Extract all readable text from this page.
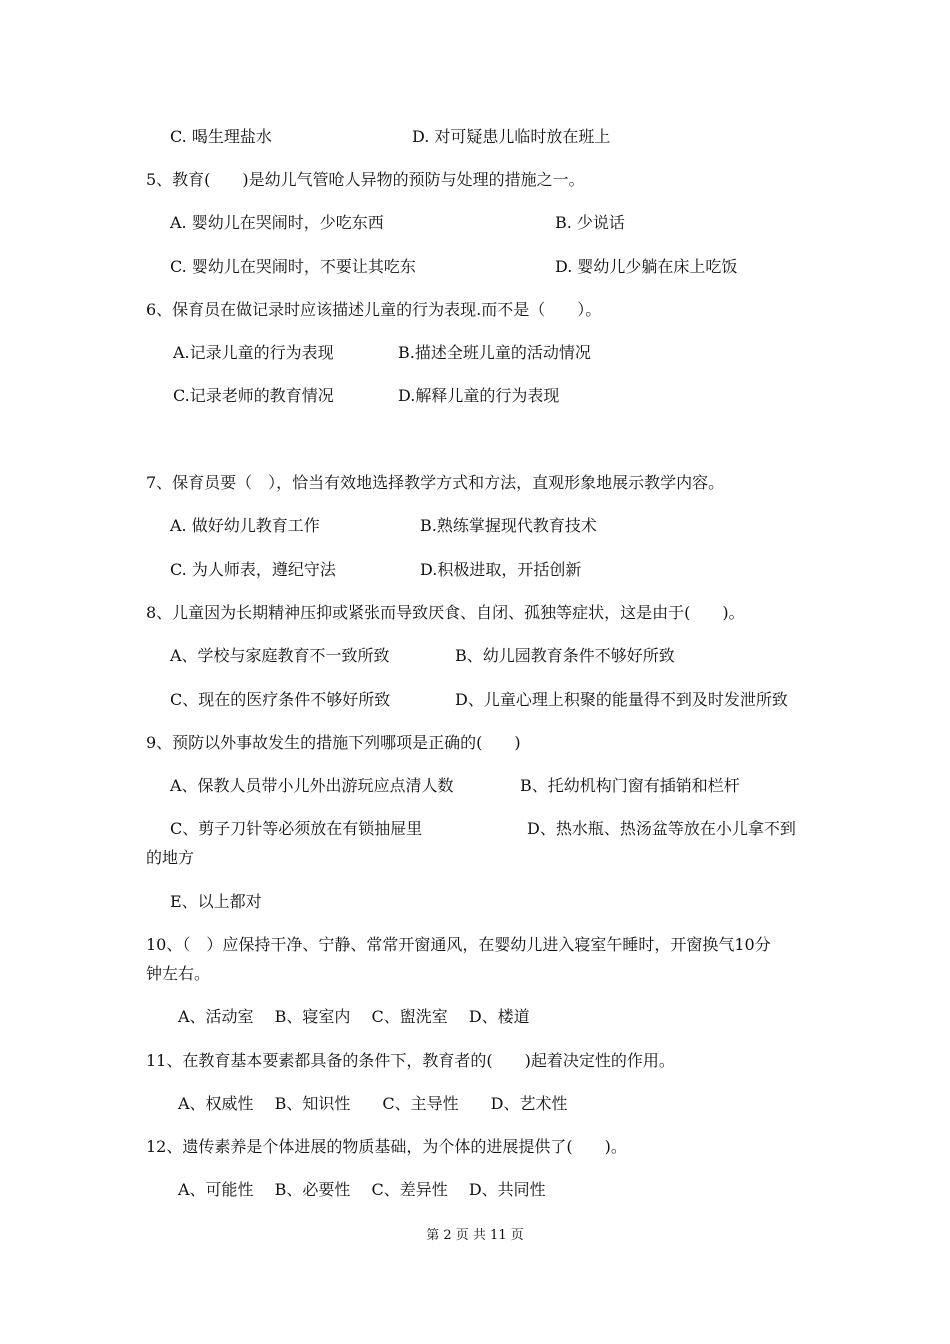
C. 喝生理盐水	D. 对可疑患儿临时放在班上
5、教育(　　)是幼儿气管呛人异物的预防与处理的措施之一。
A. 婴幼儿在哭闹时，少吃东西	B. 少说话
C. 婴幼儿在哭闹时，不要让其吃东	D. 婴幼儿少躺在床上吃饭
6、保育员在做记录时应该描述儿童的行为表现.而不是（　　）。
A.记录儿童的行为表现	B.描述全班儿童的活动情况
C.记录老师的教育情况	D.解释儿童的行为表现
7、保育员要（　），恰当有效地选择教学方式和方法，直观形象地展示教学内容。
A. 做好幼儿教育工作	B.熟练掌握现代教育技术
C. 为人师表，遵纪守法	D.积极进取，开括创新
8、儿童因为长期精神压抑或紧张而导致厌食、自闭、孤独等症状，这是由于(　　)。
A、学校与家庭教育不一致所致	B、幼儿园教育条件不够好所致
C、现在的医疗条件不够好所致	D、儿童心理上积聚的能量得不到及时发泄所致
9、预防以外事故发生的措施下列哪项是正确的(　　)
A、保教人员带小儿外出游玩应点清人数	B、托幼机构门窗有插销和栏杆
C、剪子刀针等必须放在有锁抽屉里	D、热水瓶、热汤盆等放在小儿拿不到
的地方
E、以上都对
10、（　）应保持干净、宁静、常常开窗通风，在婴幼儿进入寝室午睡时，开窗换气10分
钟左右。
A、活动室　 B、寝室内　 C、盥洗室　 D、楼道
11、在教育基本要素都具备的条件下，教育者的(　　)起着决定性的作用。
A、权威性　 B、知识性　　C、主导性　　D、艺术性
12、遗传素养是个体进展的物质基础，为个体的进展提供了(　　)。
A、可能性　 B、必要性　 C、差异性　 D、共同性
第 2 页 共 11 页
